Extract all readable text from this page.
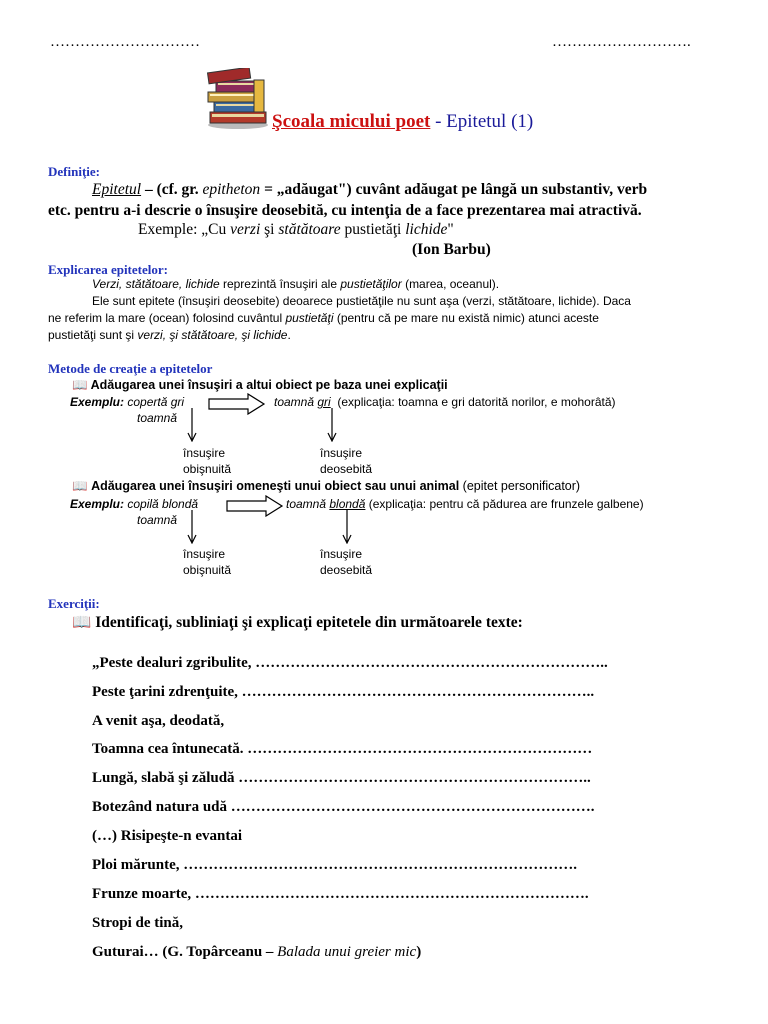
…………………………	……………………….
Şcoala micului poet - Epitetul (1)
Definiţie:
Epitetul – (cf. gr. epitheton = „adăugat") cuvânt adăugat pe lângă un substantiv, verb
etc. pentru a-i descrie o însuşire deosebită, cu intenţia de a face prezentarea mai atractivă.
Exemple: „Cu verzi şi stătătoare pustietăţi lichide"
(Ion Barbu)
Explicarea epitetelor:
Verzi, stătătoare, lichide reprezintă însuşiri ale pustietăţilor (marea, oceanul).
Ele sunt epitete (însuşiri deosebite) deoarece pustietăţile nu sunt aşa (verzi, stătătoare, lichide). Daca
ne referim la mare (ocean) folosind cuvântul pustietăţi (pentru că pe mare nu există nimic) atunci aceste
pustietăţi sunt şi verzi, şi stătătoare, şi lichide.
Metode de creaţie a epitetelor
📖 Adăugarea unei însuşiri a altui obiect pe baza unei explicaţii
Exemplu: copertă gri
toamnă
toamnă gri (explicaţia: toamna e gri datorită norilor, e mohorâtă)
însuşire
obişnuită
însuşire
deosebită
📖 Adăugarea unei însuşiri omeneşti unui obiect sau unui animal (epitet personificator)
Exemplu: copilă blondă
toamnă
toamnă blondă (explicaţia: pentru că pădurea are frunzele galbene)
însuşire
obişnuită
însuşire
deosebită
Exerciţii:
📖 Identificaţi, subliniaţi şi explicaţi epitetele din următoarele texte:
„Peste dealuri zgribulite, ……………………………………………………………..
Peste ţarini zdrenţuite, ……………………………………………………………..
A venit aşa, deodată,
Toamna cea întunecată. ……………………………………………………………
Lungă, slabă şi zăludă ……………………………………………………………..
Botezând natura udă ……………………………………………………………….
(…) Risipeşte-n evantai
Ploi mărunte, …………………………………………………………………….
Frunze moarte, …………………………………………………………………….
Stropi de tină,
Guturai… (G. Topârceanu – Balada unui greier mic)
